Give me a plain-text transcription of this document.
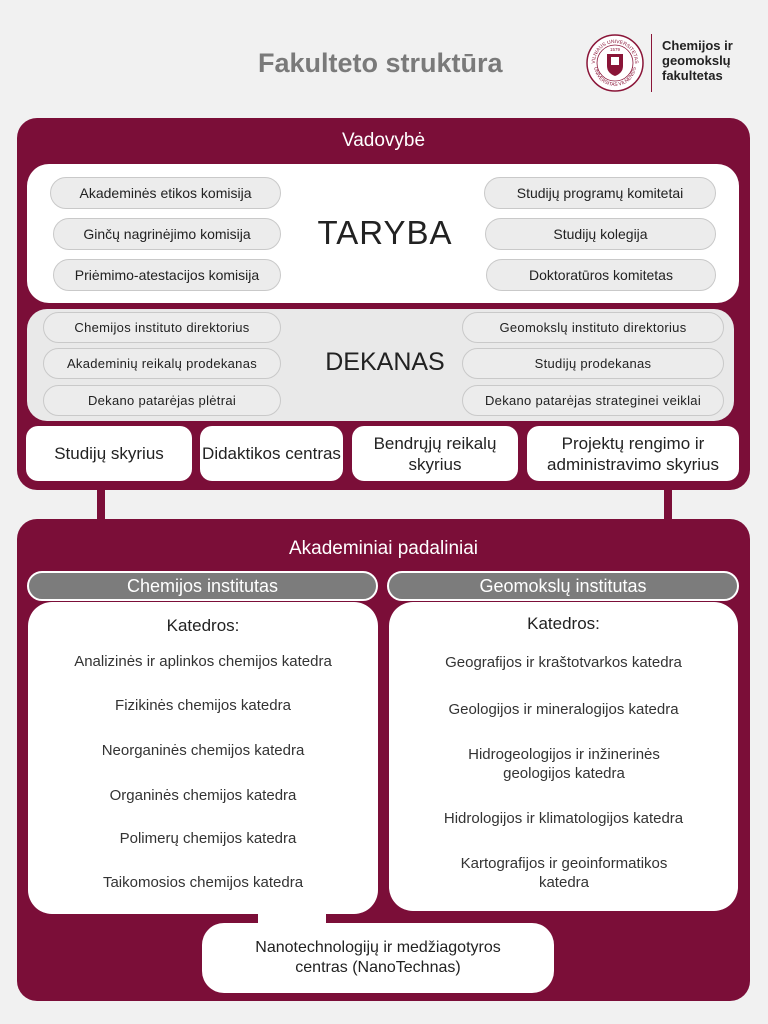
Fakulteto struktūra	VILNIAUS UNIVERSITETAS
UNIVERSITAS VILNENSIS
1579	Chemijos ir
geomokslų
fakultetas
Vadovybė
TARYBA
Akademinės etikos komisija
Ginčų nagrinėjimo komisija
Priėmimo-atestacijos komisija
Studijų programų komitetai
Studijų kolegija
Doktoratūros komitetas
DEKANAS
Chemijos instituto direktorius
Akademinių reikalų prodekanas
Dekano patarėjas plėtrai
Geomokslų instituto direktorius
Studijų prodekanas
Dekano patarėjas strateginei veiklai
Studijų skyrius	Didaktikos centras
Bendrųjų reikalų skyrius
Projektų rengimo ir administravimo skyrius
Akademiniai padaliniai
Chemijos institutas	Geomokslų institutas
Katedros:
Analizinės ir aplinkos chemijos katedra
Fizikinės chemijos katedra
Neorganinės chemijos katedra
Organinės chemijos katedra
Polimerų chemijos katedra
Taikomosios chemijos katedra
Katedros:
Geografijos ir kraštotvarkos katedra
Geologijos ir mineralogijos katedra
Hidrogeologijos ir inžinerinės geologijos katedra
Hidrologijos ir klimatologijos katedra
Kartografijos ir geoinformatikos katedra
Nanotechnologijų ir medžiagotyros centras (NanoTechnas)
